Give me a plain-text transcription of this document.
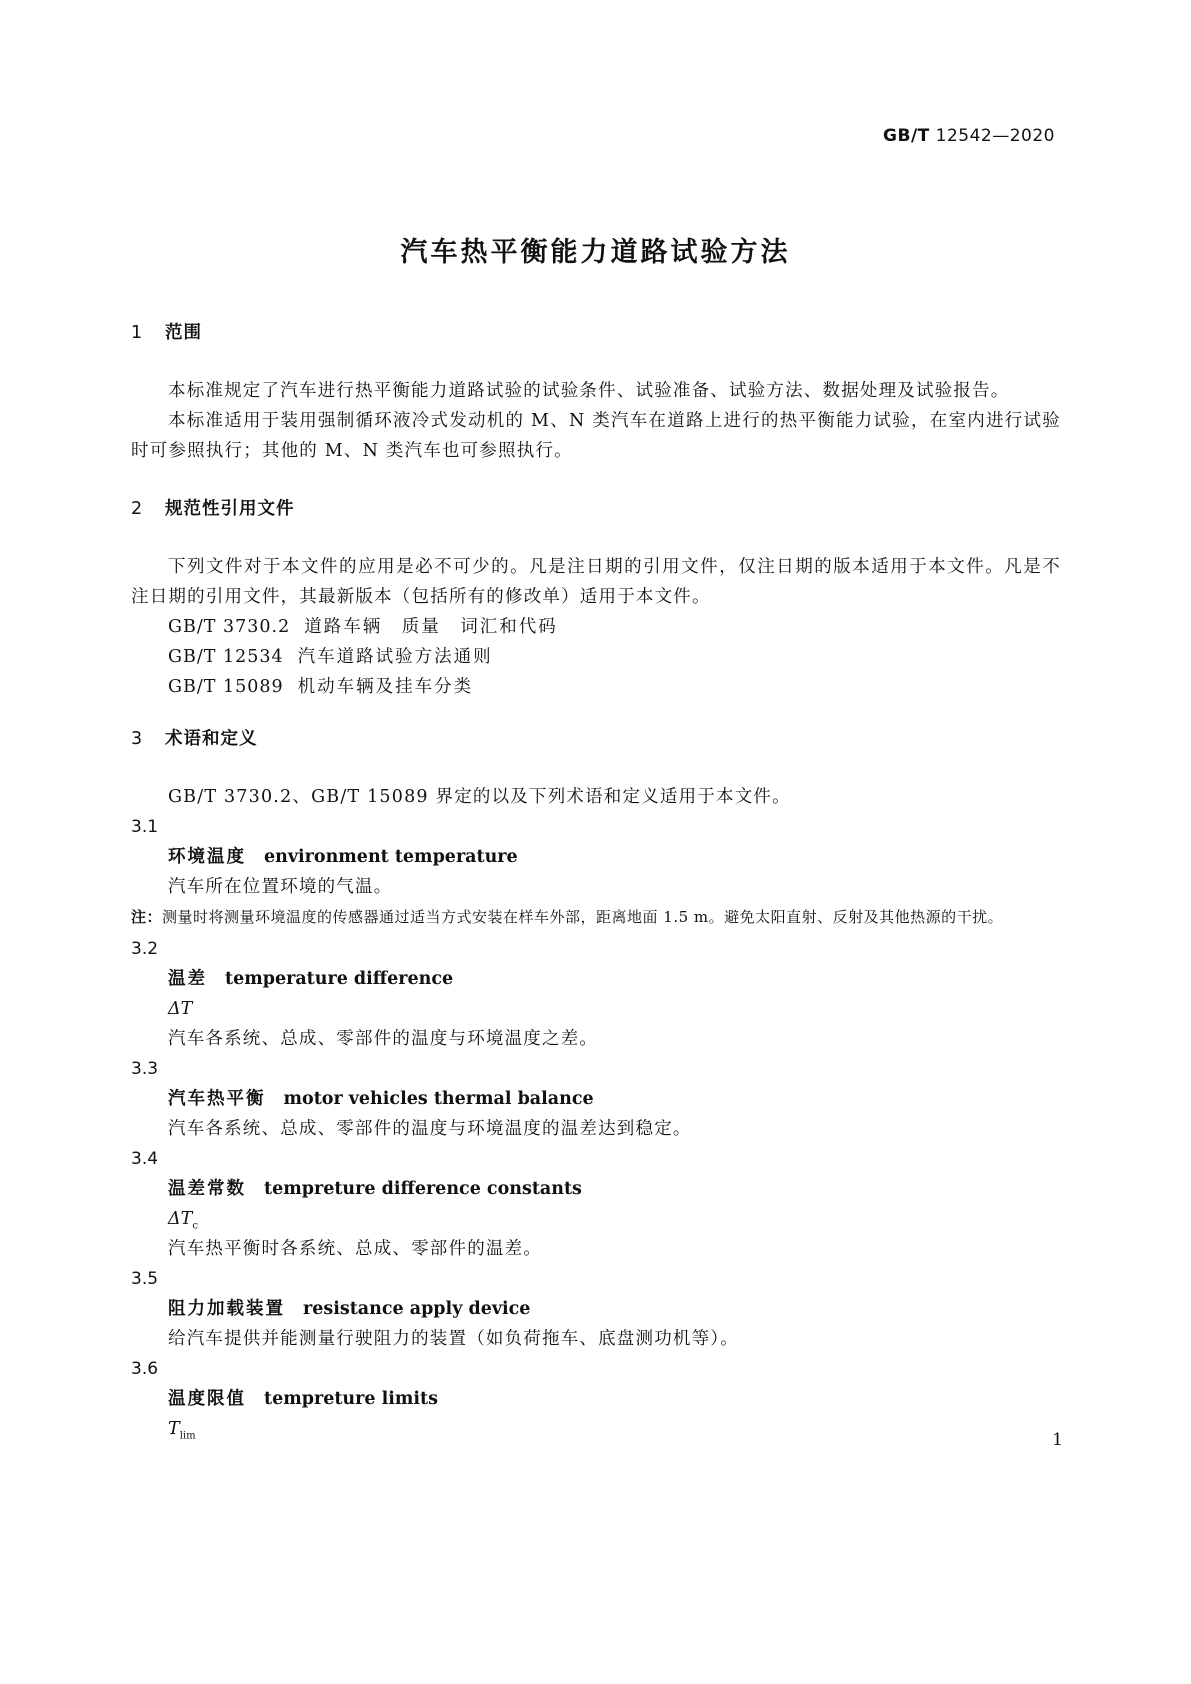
GB/T 12542—2020
汽车热平衡能力道路试验方法
1 范围

本标准规定了汽车进行热平衡能力道路试验的试验条件、试验准备、试验方法、数据处理及试验报告。

本标准适用于装用强制循环液冷式发动机的 M、N 类汽车在道路上进行的热平衡能力试验，在室内进行试验时可参照执行；其他的 M、N 类汽车也可参照执行。

2 规范性引用文件

下列文件对于本文件的应用是必不可少的。凡是注日期的引用文件，仅注日期的版本适用于本文件。凡是不注日期的引用文件，其最新版本（包括所有的修改单）适用于本文件。

GB/T 3730.2 道路车辆　质量　词汇和代码
GB/T 12534 汽车道路试验方法通则
GB/T 15089 机动车辆及挂车分类
3 术语和定义

GB/T 3730.2、GB/T 15089 界定的以及下列术语和定义适用于本文件。

3.1
环境温度 environment temperature

汽车所在位置环境的气温。

注：测量时将测量环境温度的传感器通过适当方式安装在样车外部，距离地面 1.5 m。避免太阳直射、反射及其他热源的干扰。

3.2
温差 temperature difference
ΔT

汽车各系统、总成、零部件的温度与环境温度之差。

3.3
汽车热平衡 motor vehicles thermal balance

汽车各系统、总成、零部件的温度与环境温度的温差达到稳定。

3.4
温差常数 tempreture difference constants
$\Delta T_c$

汽车热平衡时各系统、总成、零部件的温差。

3.5
阻力加载装置 resistance apply device

给汽车提供并能测量行驶阻力的装置（如负荷拖车、底盘测功机等）。

3.6
温度限值 tempreture limits
$T_{lim}$	1
